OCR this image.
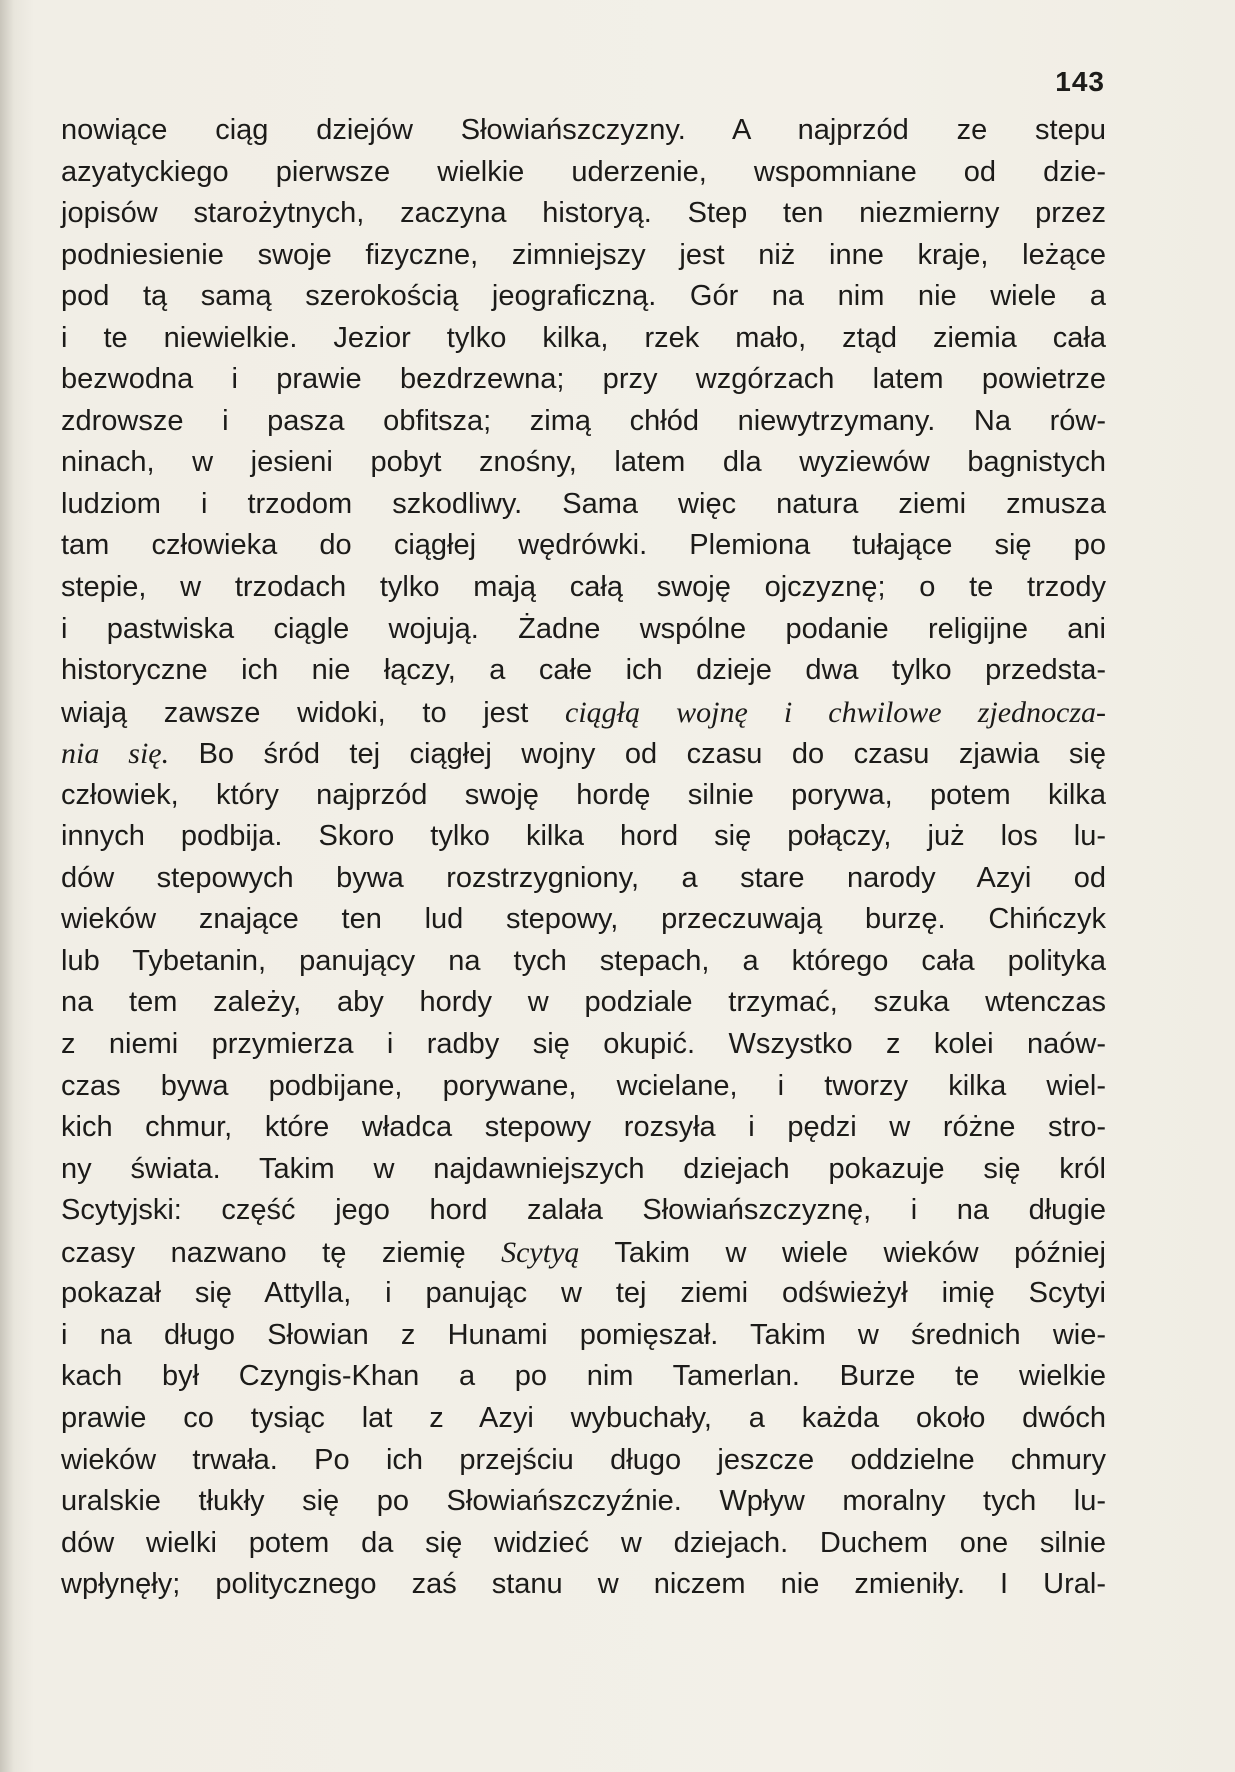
143
nowiące ciąg dziejów Słowiańszczyzny. A najprzód ze stepu
azyatyckiego pierwsze wielkie uderzenie, wspomniane od dzie-
jopisów starożytnych, zaczyna historyą. Step ten niezmierny przez
podniesienie swoje fizyczne, zimniejszy jest niż inne kraje, leżące
pod tą samą szerokością jeograficzną. Gór na nim nie wiele a
i te niewielkie. Jezior tylko kilka, rzek mało, ztąd ziemia cała
bezwodna i prawie bezdrzewna; przy wzgórzach latem powietrze
zdrowsze i pasza obfitsza; zimą chłód niewytrzymany. Na rów-
ninach, w jesieni pobyt znośny, latem dla wyziewów bagnistych
ludziom i trzodom szkodliwy. Sama więc natura ziemi zmusza
tam człowieka do ciągłej wędrówki. Plemiona tułające się po
stepie, w trzodach tylko mają całą swoję ojczyznę; o te trzody
i pastwiska ciągle wojują. Żadne wspólne podanie religijne ani
historyczne ich nie łączy, a całe ich dzieje dwa tylko przedsta-
wiają zawsze widoki, to jest ciągłą wojnę i chwilowe zjednocza-
nia się. Bo śród tej ciągłej wojny od czasu do czasu zjawia się
człowiek, który najprzód swoję hordę silnie porywa, potem kilka
innych podbija. Skoro tylko kilka hord się połączy, już los lu-
dów stepowych bywa rozstrzygniony, a stare narody Azyi od
wieków znające ten lud stepowy, przeczuwają burzę. Chińczyk
lub Tybetanin, panujący na tych stepach, a którego cała polityka
na tem zależy, aby hordy w podziale trzymać, szuka wtenczas
z niemi przymierza i radby się okupić. Wszystko z kolei naów-
czas bywa podbijane, porywane, wcielane, i tworzy kilka wiel-
kich chmur, które władca stepowy rozsyła i pędzi w różne stro-
ny świata. Takim w najdawniejszych dziejach pokazuje się król
Scytyjski: część jego hord zalała Słowiańszczyznę, i na długie
czasy nazwano tę ziemię Scytyą Takim w wiele wieków później
pokazał się Attylla, i panując w tej ziemi odświeżył imię Scytyi
i na długo Słowian z Hunami pomięszał. Takim w średnich wie-
kach był Czyngis-Khan a po nim Tamerlan. Burze te wielkie
prawie co tysiąc lat z Azyi wybuchały, a każda około dwóch
wieków trwała. Po ich przejściu długo jeszcze oddzielne chmury
uralskie tłukły się po Słowiańszczyźnie. Wpływ moralny tych lu-
dów wielki potem da się widzieć w dziejach. Duchem one silnie
wpłynęły; politycznego zaś stanu w niczem nie zmieniły. I Ural-
